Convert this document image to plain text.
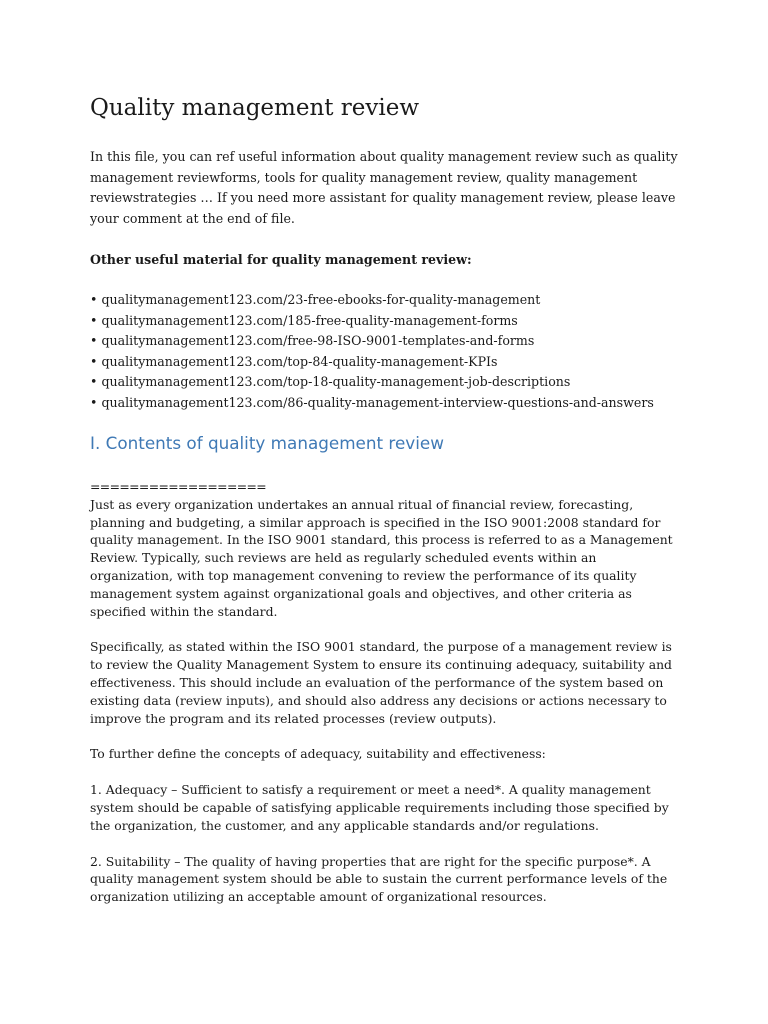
Quality management review

In this file, you can ref useful information about quality management review such as quality management reviewforms, tools for quality management review, quality management reviewstrategies … If you need more assistant for quality management review, please leave your comment at the end of file.

Other useful material for quality management review:

• qualitymanagement123.com/23-free-ebooks-for-quality-management
• qualitymanagement123.com/185-free-quality-management-forms
• qualitymanagement123.com/free-98-ISO-9001-templates-and-forms
• qualitymanagement123.com/top-84-quality-management-KPIs
• qualitymanagement123.com/top-18-quality-management-job-descriptions
• qualitymanagement123.com/86-quality-management-interview-questions-and-answers
I. Contents of quality management review
==================

Just as every organization undertakes an annual ritual of financial review, forecasting, planning and budgeting, a similar approach is specified in the ISO 9001:2008 standard for quality management. In the ISO 9001 standard, this process is referred to as a Management Review. Typically, such reviews are held as regularly scheduled events within an organization, with top management convening to review the performance of its quality management system against organizational goals and objectives, and other criteria as specified within the standard.

Specifically, as stated within the ISO 9001 standard, the purpose of a management review is to review the Quality Management System to ensure its continuing adequacy, suitability and effectiveness. This should include an evaluation of the performance of the system based on existing data (review inputs), and should also address any decisions or actions necessary to improve the program and its related processes (review outputs).

To further define the concepts of adequacy, suitability and effectiveness:

1. Adequacy – Sufficient to satisfy a requirement or meet a need*. A quality management system should be capable of satisfying applicable requirements including those specified by the organization, the customer, and any applicable standards and/or regulations.

2. Suitability – The quality of having properties that are right for the specific purpose*. A quality management system should be able to sustain the current performance levels of the organization utilizing an acceptable amount of organizational resources.
